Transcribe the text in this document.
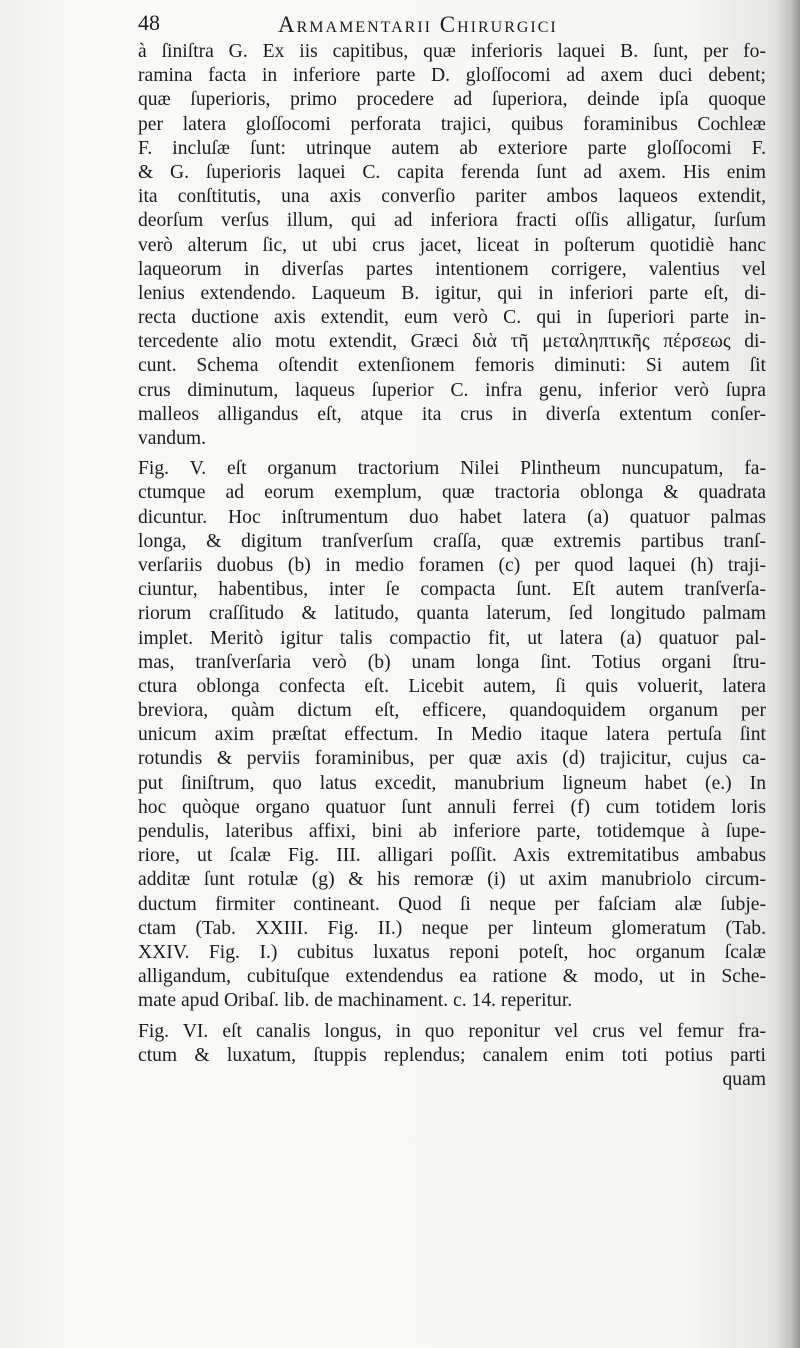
48	Armamentarii Chirurgici
à ſiniſtra G. Ex iis capitibus, quæ inferioris laquei B. ſunt, per fo-
ramina facta in inferiore parte D. gloſſocomi ad axem duci debent;
quæ ſuperioris, primo procedere ad ſuperiora, deinde ipſa quoque
per latera gloſſocomi perforata trajici, quibus foraminibus Cochleæ
F. incluſæ ſunt: utrinque autem ab exteriore parte gloſſocomi F.
& G. ſuperioris laquei C. capita ferenda ſunt ad axem. His enim
ita conſtitutis, una axis converſio pariter ambos laqueos extendit,
deorſum verſus illum, qui ad inferiora fracti oſſis alligatur, ſurſum
verò alterum ſic, ut ubi crus jacet, liceat in poſterum quotidiè hanc
laqueorum in diverſas partes intentionem corrigere, valentius vel
lenius extendendo. Laqueum B. igitur, qui in inferiori parte eſt, di-
recta ductione axis extendit, eum verò C. qui in ſuperiori parte in-
tercedente alio motu extendit, Græci διὰ τῆ μεταληπτικῆς πέρσεως di-
cunt. Schema oſtendit extenſionem femoris diminuti: Si autem ſit
crus diminutum, laqueus ſuperior C. infra genu, inferior verò ſupra
malleos alligandus eſt, atque ita crus in diverſa extentum conſer-
vandum.
Fig. V. eſt organum tractorium Nilei Plintheum nuncupatum, fa-
ctumque ad eorum exemplum, quæ tractoria oblonga & quadrata
dicuntur. Hoc inſtrumentum duo habet latera (a) quatuor palmas
longa, & digitum tranſverſum craſſa, quæ extremis partibus tranſ-
verſariis duobus (b) in medio foramen (c) per quod laquei (h) traji-
ciuntur, habentibus, inter ſe compacta ſunt. Eſt autem tranſverſa-
riorum craſſitudo & latitudo, quanta laterum, ſed longitudo palmam
implet. Meritò igitur talis compactio fit, ut latera (a) quatuor pal-
mas, tranſverſaria verò (b) unam longa ſint. Totius organi ſtru-
ctura oblonga confecta eſt. Licebit autem, ſi quis voluerit, latera
breviora, quàm dictum eſt, efficere, quandoquidem organum per
unicum axim præſtat effectum. In Medio itaque latera pertuſa ſint
rotundis & perviis foraminibus, per quæ axis (d) trajicitur, cujus ca-
put ſiniſtrum, quo latus excedit, manubrium ligneum habet (e.) In
hoc quòque organo quatuor ſunt annuli ferrei (f) cum totidem loris
pendulis, lateribus affixi, bini ab inferiore parte, totidemque à ſupe-
riore, ut ſcalæ Fig. III. alligari poſſit. Axis extremitatibus ambabus
additæ ſunt rotulæ (g) & his remoræ (i) ut axim manubriolo circum-
ductum firmiter contineant. Quod ſi neque per faſciam alæ ſubje-
ctam (Tab. XXIII. Fig. II.) neque per linteum glomeratum (Tab.
XXIV. Fig. I.) cubitus luxatus reponi poteſt, hoc organum ſcalæ
alligandum, cubituſque extendendus ea ratione & modo, ut in Sche-
mate apud Oribaſ. lib. de machinament. c. 14. reperitur.
Fig. VI. eſt canalis longus, in quo reponitur vel crus vel femur fra-
ctum & luxatum, ſtuppis replendus; canalem enim toti potius parti
quam
